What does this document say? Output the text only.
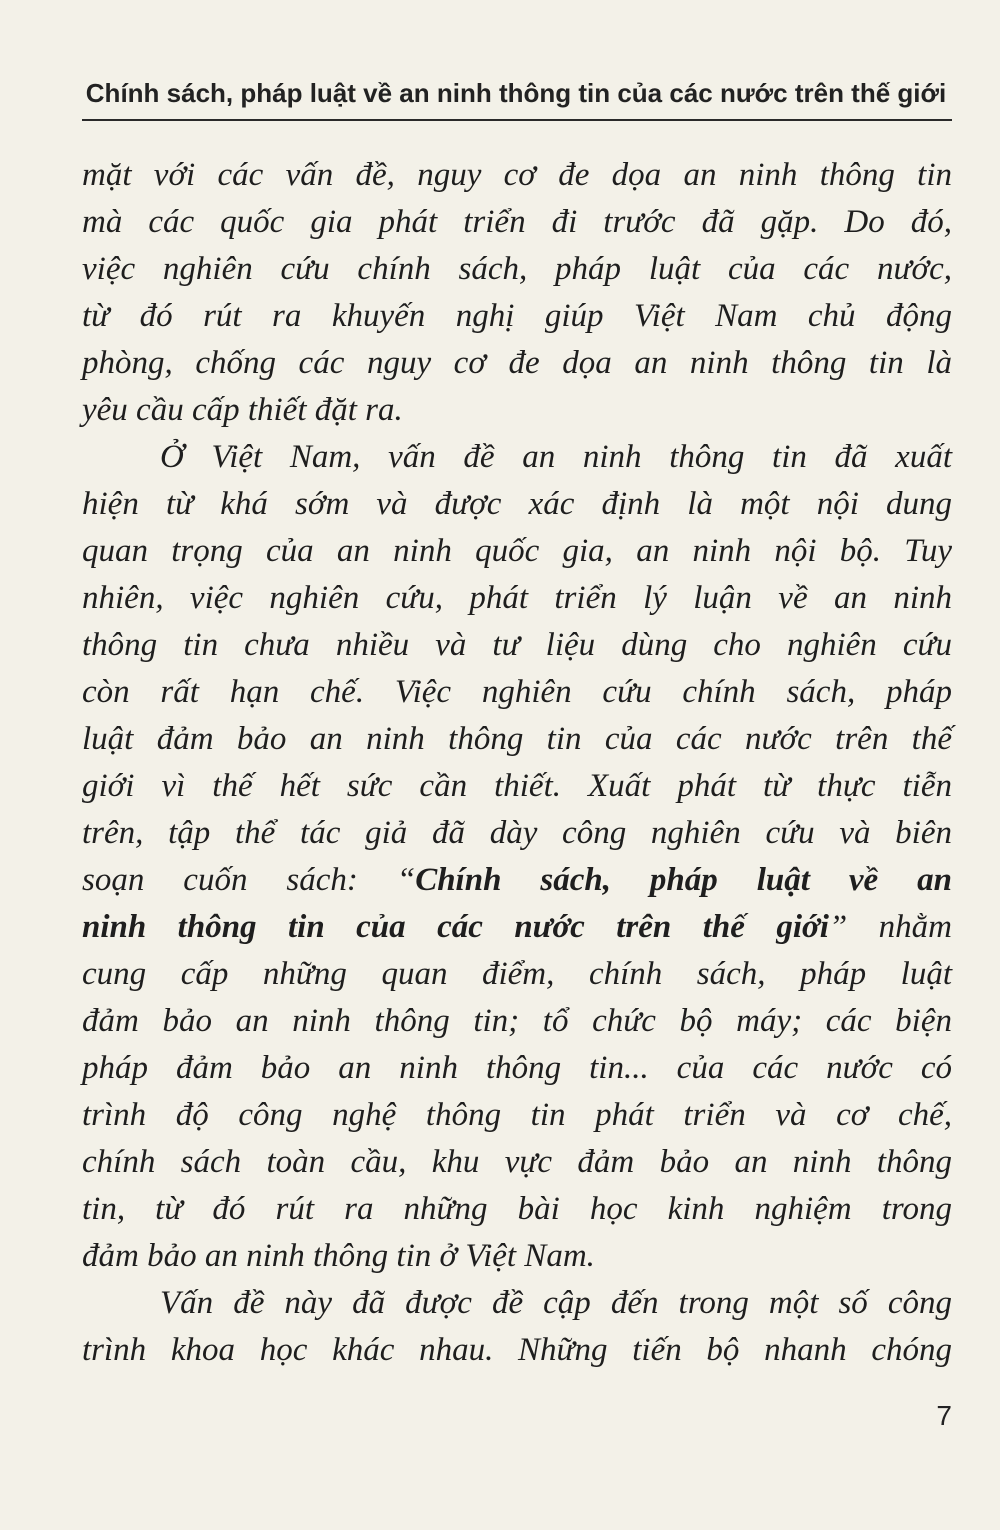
Chính sách, pháp luật về an ninh thông tin của các nước trên thế giới
mặt với các vấn đề, nguy cơ đe dọa an ninh thông tin
mà các quốc gia phát triển đi trước đã gặp. Do đó,
việc nghiên cứu chính sách, pháp luật của các nước,
từ đó rút ra khuyến nghị giúp Việt Nam chủ động
phòng, chống các nguy cơ đe dọa an ninh thông tin là
yêu cầu cấp thiết đặt ra.
Ở Việt Nam, vấn đề an ninh thông tin đã xuất
hiện từ khá sớm và được xác định là một nội dung
quan trọng của an ninh quốc gia, an ninh nội bộ. Tuy
nhiên, việc nghiên cứu, phát triển lý luận về an ninh
thông tin chưa nhiều và tư liệu dùng cho nghiên cứu
còn rất hạn chế. Việc nghiên cứu chính sách, pháp
luật đảm bảo an ninh thông tin của các nước trên thế
giới vì thế hết sức cần thiết. Xuất phát từ thực tiễn
trên, tập thể tác giả đã dày công nghiên cứu và biên
soạn cuốn sách: “Chính sách, pháp luật về an
ninh thông tin của các nước trên thế giới” nhằm
cung cấp những quan điểm, chính sách, pháp luật
đảm bảo an ninh thông tin; tổ chức bộ máy; các biện
pháp đảm bảo an ninh thông tin... của các nước có
trình độ công nghệ thông tin phát triển và cơ chế,
chính sách toàn cầu, khu vực đảm bảo an ninh thông
tin, từ đó rút ra những bài học kinh nghiệm trong
đảm bảo an ninh thông tin ở Việt Nam.
Vấn đề này đã được đề cập đến trong một số công
trình khoa học khác nhau. Những tiến bộ nhanh chóng
7
